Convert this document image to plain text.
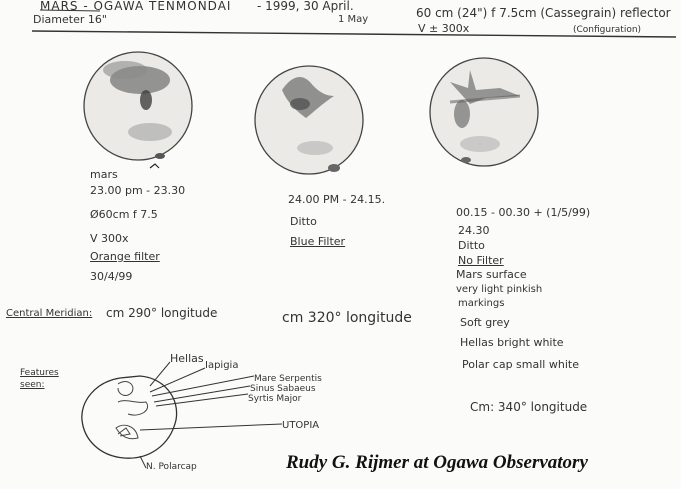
MARS - OGAWA TENMONDAI - 1999, 30 April.
1 May
Diameter 16"	60 cm (24") f 7.5cm (Cassegrain) reflector
(Configuration)
V ± 300x
mars
23.00 pm - 23.30
Ø60cm f 7.5
V 300x
Orange filter
30/4/99
24.00 PM - 24.15.
Ditto
Blue Filter
00.15 - 00.30 + (1/5/99)
24.30
Ditto
No Filter
Mars surface
very light pinkish
markings
Soft grey
Hellas bright white
Polar cap small white
Central Meridian: cm 290° longitude	cm 320° longitude
Cm: 340° longitude
Features
seen:
Hellas
Iapigia
Mare Serpentis
Sinus Sabaeus
Syrtis Major
UTOPIA
N. Polarcap	Rudy G. Rijmer at Ogawa Observatory
